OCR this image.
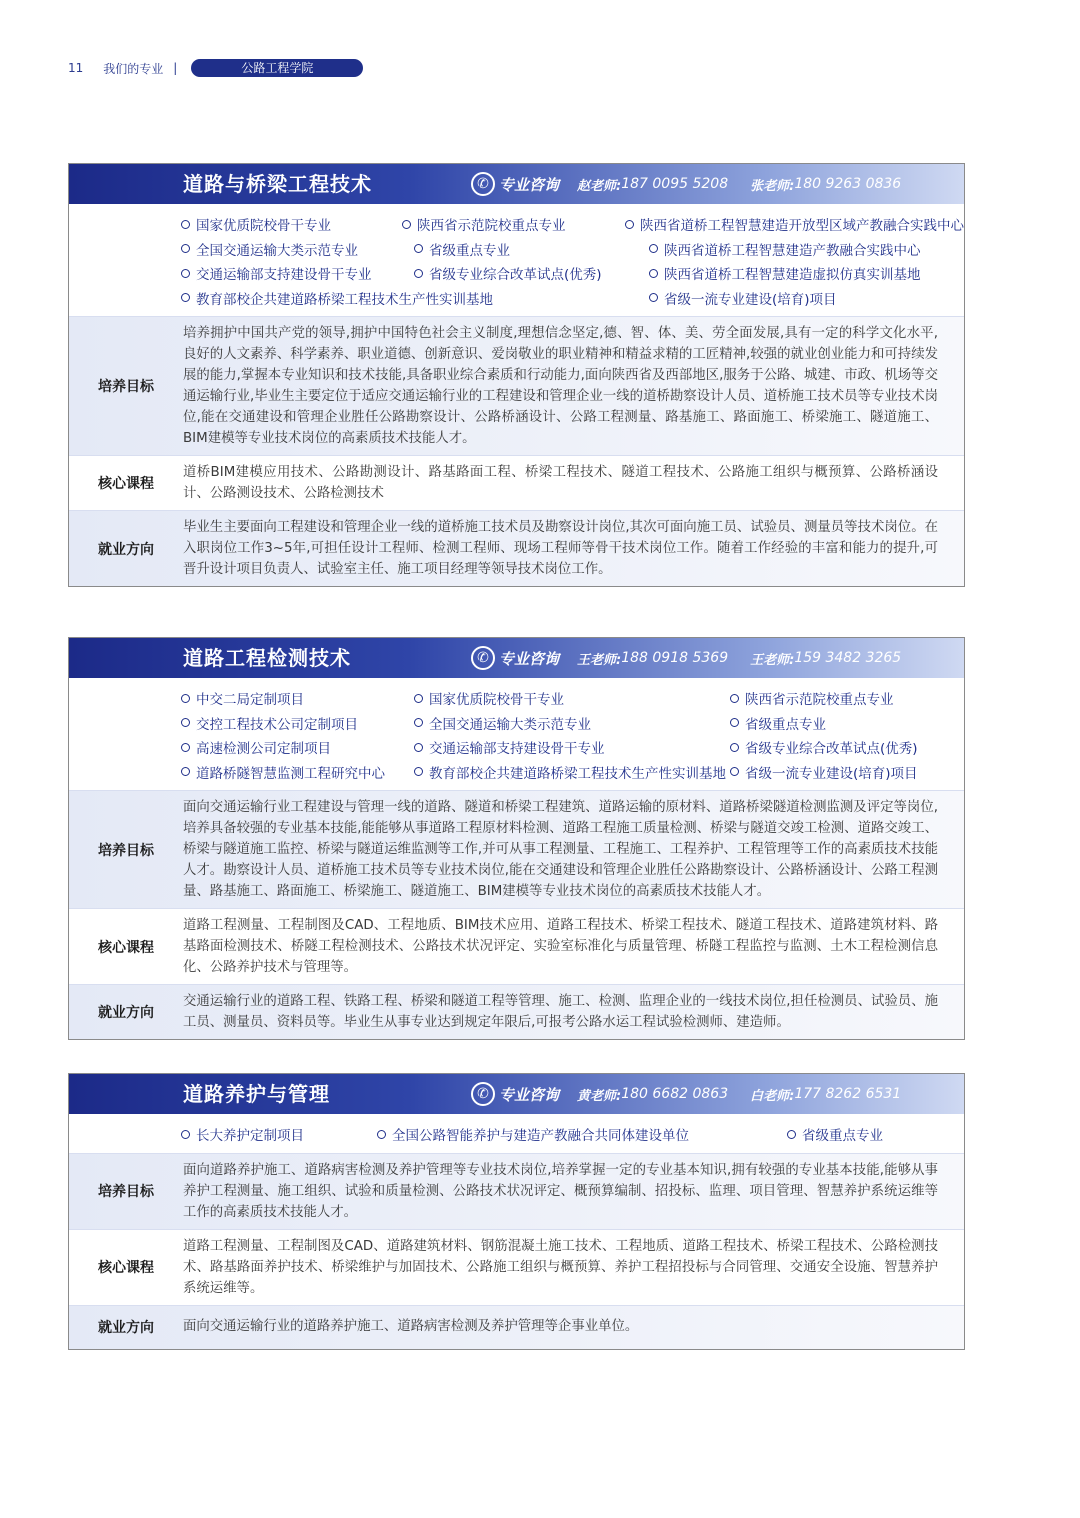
11 我们的专业 |	公路工程学院
道路与桥梁工程技术	✆ 专业咨询 赵老师: 187 0095 5208 张老师: 180 9263 0836
国家优质院校骨干专业	陕西省示范院校重点专业	陕西省道桥工程智慧建造开放型区域产教融合实践中心
全国交通运输大类示范专业	省级重点专业	陕西省道桥工程智慧建造产教融合实践中心
交通运输部支持建设骨干专业	省级专业综合改革试点(优秀)	陕西省道桥工程智慧建造虚拟仿真实训基地
教育部校企共建道路桥梁工程技术生产性实训基地	省级一流专业建设(培育)项目
培养目标
培养拥护中国共产党的领导,拥护中国特色社会主义制度,理想信念坚定,德、智、体、美、劳全面发展,具有一定的科学文化水平,良好的人文素养、科学素养、职业道德、创新意识、爱岗敬业的职业精神和精益求精的工匠精神,较强的就业创业能力和可持续发展的能力,掌握本专业知识和技术技能,具备职业综合素质和行动能力,面向陕西省及西部地区,服务于公路、城建、市政、机场等交通运输行业,毕业生主要定位于适应交通运输行业的工程建设和管理企业一线的道桥勘察设计人员、道桥施工技术员等专业技术岗位,能在交通建设和管理企业胜任公路勘察设计、公路桥涵设计、公路工程测量、路基施工、路面施工、桥梁施工、隧道施工、BIM建模等专业技术岗位的高素质技术技能人才。
核心课程
道桥BIM建模应用技术、公路勘测设计、路基路面工程、桥梁工程技术、隧道工程技术、公路施工组织与概预算、公路桥涵设计、公路测设技术、公路检测技术
就业方向
毕业生主要面向工程建设和管理企业一线的道桥施工技术员及勘察设计岗位,其次可面向施工员、试验员、测量员等技术岗位。在入职岗位工作3~5年,可担任设计工程师、检测工程师、现场工程师等骨干技术岗位工作。随着工作经验的丰富和能力的提升,可晋升设计项目负责人、试验室主任、施工项目经理等领导技术岗位工作。
道路工程检测技术	✆ 专业咨询 王老师: 188 0918 5369 王老师: 159 3482 3265
中交二局定制项目	国家优质院校骨干专业	陕西省示范院校重点专业
交控工程技术公司定制项目	全国交通运输大类示范专业	省级重点专业
高速检测公司定制项目	交通运输部支持建设骨干专业	省级专业综合改革试点(优秀)
道路桥隧智慧监测工程研究中心	教育部校企共建道路桥梁工程技术生产性实训基地 省级一流专业建设(培育)项目
培养目标
面向交通运输行业工程建设与管理一线的道路、隧道和桥梁工程建筑、道路运输的原材料、道路桥梁隧道检测监测及评定等岗位,培养具备较强的专业基本技能,能能够从事道路工程原材料检测、道路工程施工质量检测、桥梁与隧道交竣工检测、道路交竣工、桥梁与隧道施工监控、桥梁与隧道运维监测等工作,并可从事工程测量、工程施工、工程养护、工程管理等工作的高素质技术技能人才。勘察设计人员、道桥施工技术员等专业技术岗位,能在交通建设和管理企业胜任公路勘察设计、公路桥涵设计、公路工程测量、路基施工、路面施工、桥梁施工、隧道施工、BIM建模等专业技术岗位的高素质技术技能人才。
核心课程
道路工程测量、工程制图及CAD、工程地质、BIM技术应用、道路工程技术、桥梁工程技术、隧道工程技术、道路建筑材料、路基路面检测技术、桥隧工程检测技术、公路技术状况评定、实验室标准化与质量管理、桥隧工程监控与监测、土木工程检测信息化、公路养护技术与管理等。
就业方向
交通运输行业的道路工程、铁路工程、桥梁和隧道工程等管理、施工、检测、监理企业的一线技术岗位,担任检测员、试验员、施工员、测量员、资料员等。毕业生从事专业达到规定年限后,可报考公路水运工程试验检测师、建造师。
道路养护与管理	✆ 专业咨询 黄老师: 180 6682 0863 白老师: 177 8262 6531
长大养护定制项目	全国公路智能养护与建造产教融合共同体建设单位	省级重点专业
培养目标
面向道路养护施工、道路病害检测及养护管理等专业技术岗位,培养掌握一定的专业基本知识,拥有较强的专业基本技能,能够从事养护工程测量、施工组织、试验和质量检测、公路技术状况评定、概预算编制、招投标、监理、项目管理、智慧养护系统运维等工作的高素质技术技能人才。
核心课程
道路工程测量、工程制图及CAD、道路建筑材料、钢筋混凝土施工技术、工程地质、道路工程技术、桥梁工程技术、公路检测技术、路基路面养护技术、桥梁维护与加固技术、公路施工组织与概预算、养护工程招投标与合同管理、交通安全设施、智慧养护系统运维等。
就业方向	面向交通运输行业的道路养护施工、道路病害检测及养护管理等企事业单位。
